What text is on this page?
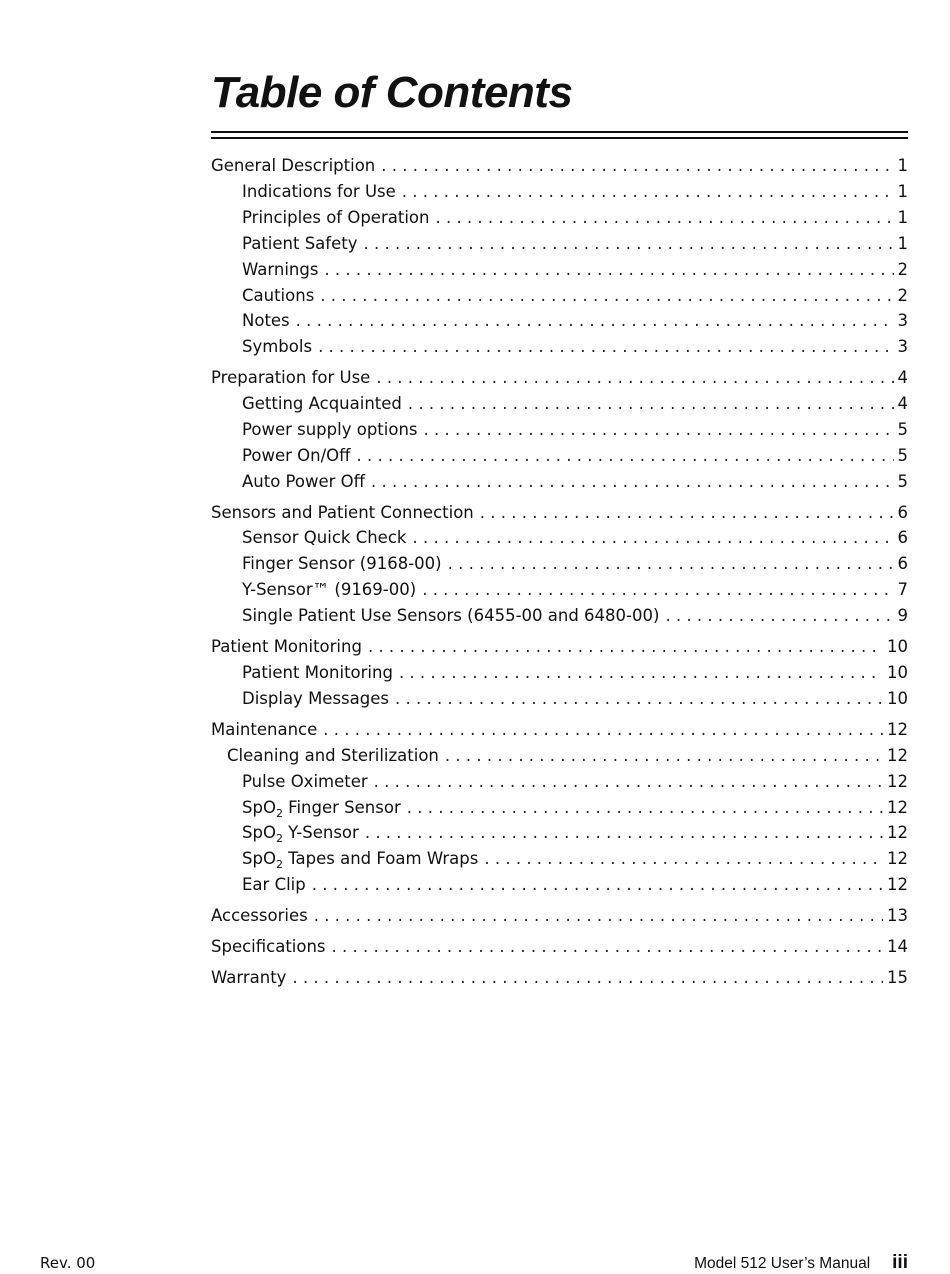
Table of Contents
General Description . . .	1
Indications for Use . . .	1
Principles of Operation . . .	1
Patient Safety . . .	1
Warnings . . .	2
Cautions . . .	2
Notes . . .	3
Symbols . . .	3
Preparation for Use . . .	4
Getting Acquainted . . .	4
Power supply options . . .	5
Power On/Off . . .	5
Auto Power Off . . .	5
Sensors and Patient Connection . . .	6
Sensor Quick Check . . .	6
Finger Sensor (9168-00) . . .	6
Y-Sensor™ (9169-00) . . .	7
Single Patient Use Sensors (6455-00 and 6480-00) . . .	9
Patient Monitoring . . .	10
Patient Monitoring . . .	10
Display Messages . . .	10
Maintenance . . .	12
Cleaning and Sterilization . . .	12
Pulse Oximeter . . .	12
SpO$_2$ Finger Sensor . . .	12
SpO$_2$ Y-Sensor . . .	12
SpO$_2$ Tapes and Foam Wraps . . .	12
Ear Clip . . .	12
Accessories . . .	13
Specifications . . .	14
Warranty . . .	15
Rev. 00	Model 512 User’s Manual iii
